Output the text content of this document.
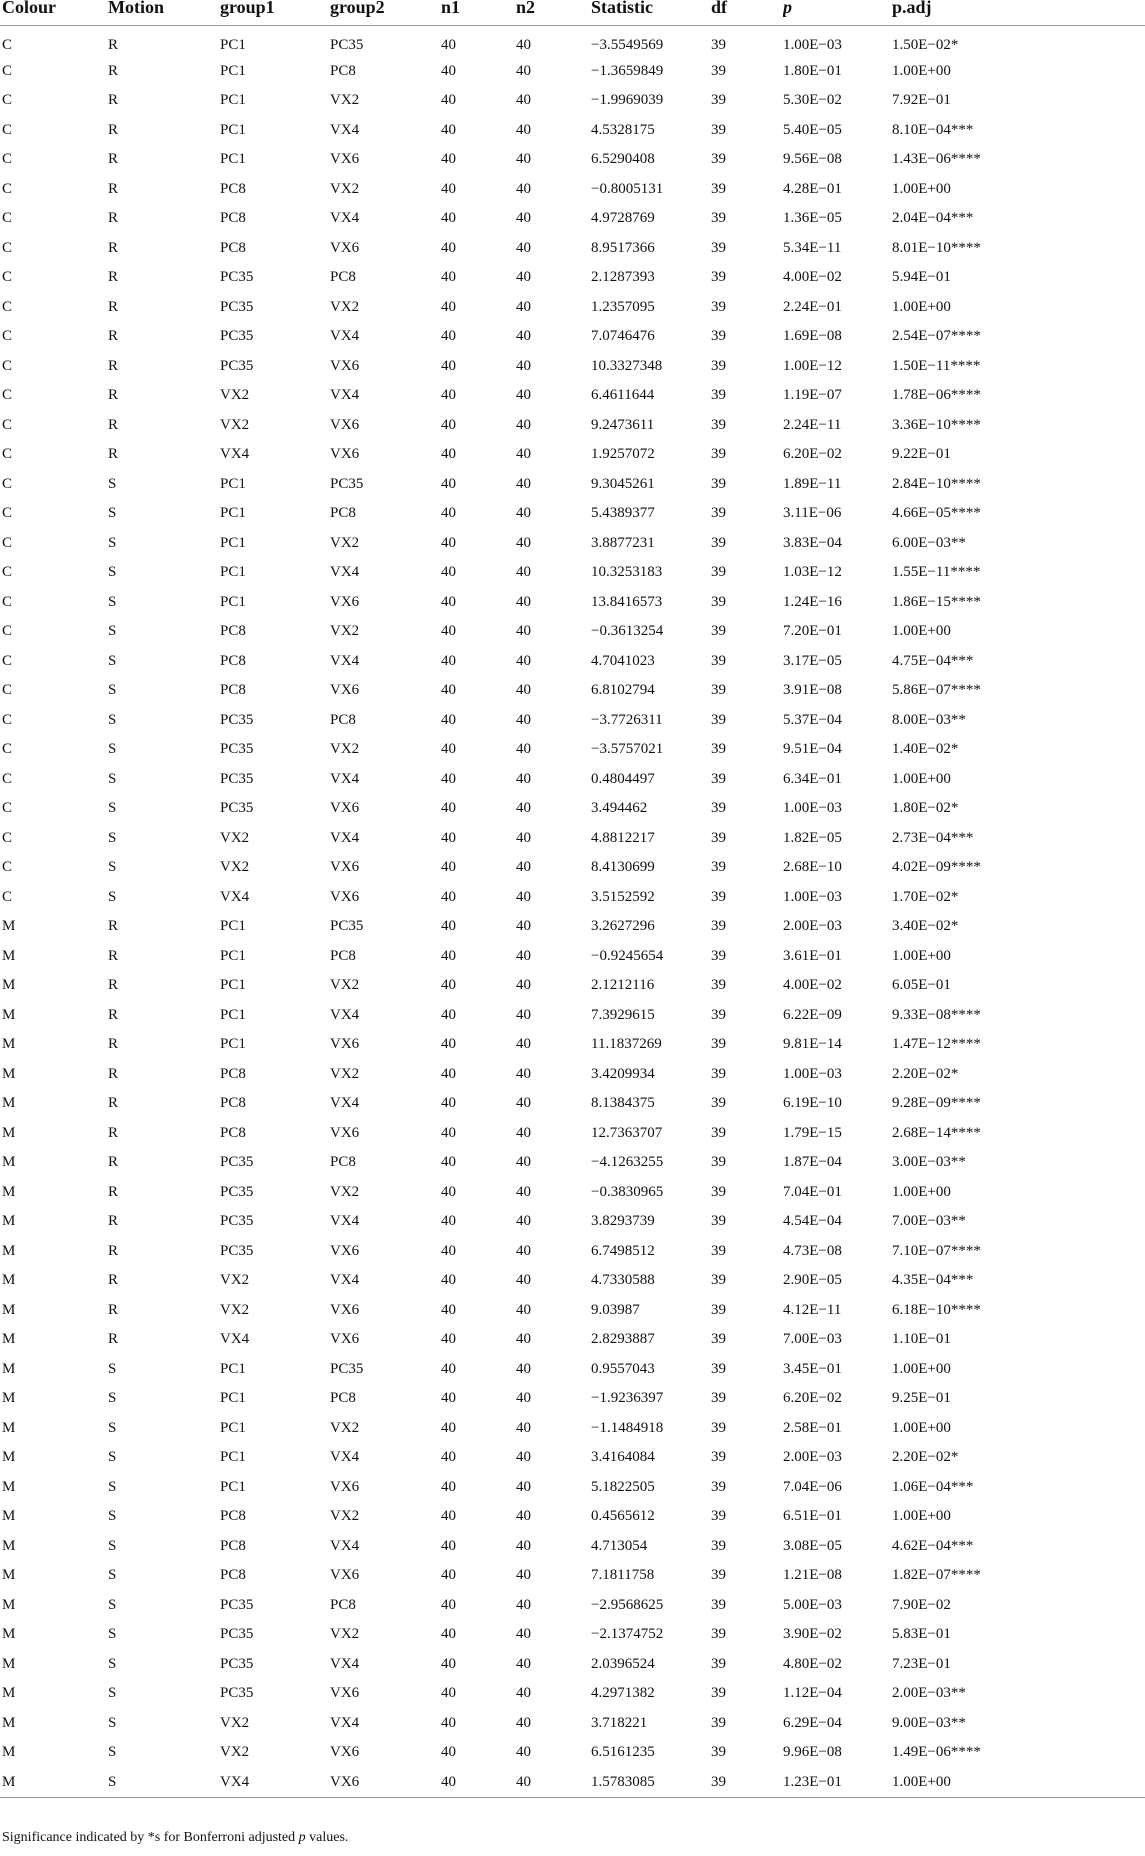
Colour	Motion	group1	group2	n1	n2	Statistic	df	p	p.adj
C	R	PC1	PC35	40	40	−3.5549569	39	1.00E−03	1.50E−02*
C	R	PC1	PC8	40	40	−1.3659849	39	1.80E−01	1.00E+00
C	R	PC1	VX2	40	40	−1.9969039	39	5.30E−02	7.92E−01
C	R	PC1	VX4	40	40	4.5328175	39	5.40E−05	8.10E−04***
C	R	PC1	VX6	40	40	6.5290408	39	9.56E−08	1.43E−06****
C	R	PC8	VX2	40	40	−0.8005131	39	4.28E−01	1.00E+00
C	R	PC8	VX4	40	40	4.9728769	39	1.36E−05	2.04E−04***
C	R	PC8	VX6	40	40	8.9517366	39	5.34E−11	8.01E−10****
C	R	PC35	PC8	40	40	2.1287393	39	4.00E−02	5.94E−01
C	R	PC35	VX2	40	40	1.2357095	39	2.24E−01	1.00E+00
C	R	PC35	VX4	40	40	7.0746476	39	1.69E−08	2.54E−07****
C	R	PC35	VX6	40	40	10.3327348	39	1.00E−12	1.50E−11****
C	R	VX2	VX4	40	40	6.4611644	39	1.19E−07	1.78E−06****
C	R	VX2	VX6	40	40	9.2473611	39	2.24E−11	3.36E−10****
C	R	VX4	VX6	40	40	1.9257072	39	6.20E−02	9.22E−01
C	S	PC1	PC35	40	40	9.3045261	39	1.89E−11	2.84E−10****
C	S	PC1	PC8	40	40	5.4389377	39	3.11E−06	4.66E−05****
C	S	PC1	VX2	40	40	3.8877231	39	3.83E−04	6.00E−03**
C	S	PC1	VX4	40	40	10.3253183	39	1.03E−12	1.55E−11****
C	S	PC1	VX6	40	40	13.8416573	39	1.24E−16	1.86E−15****
C	S	PC8	VX2	40	40	−0.3613254	39	7.20E−01	1.00E+00
C	S	PC8	VX4	40	40	4.7041023	39	3.17E−05	4.75E−04***
C	S	PC8	VX6	40	40	6.8102794	39	3.91E−08	5.86E−07****
C	S	PC35	PC8	40	40	−3.7726311	39	5.37E−04	8.00E−03**
C	S	PC35	VX2	40	40	−3.5757021	39	9.51E−04	1.40E−02*
C	S	PC35	VX4	40	40	0.4804497	39	6.34E−01	1.00E+00
C	S	PC35	VX6	40	40	3.494462	39	1.00E−03	1.80E−02*
C	S	VX2	VX4	40	40	4.8812217	39	1.82E−05	2.73E−04***
C	S	VX2	VX6	40	40	8.4130699	39	2.68E−10	4.02E−09****
C	S	VX4	VX6	40	40	3.5152592	39	1.00E−03	1.70E−02*
M	R	PC1	PC35	40	40	3.2627296	39	2.00E−03	3.40E−02*
M	R	PC1	PC8	40	40	−0.9245654	39	3.61E−01	1.00E+00
M	R	PC1	VX2	40	40	2.1212116	39	4.00E−02	6.05E−01
M	R	PC1	VX4	40	40	7.3929615	39	6.22E−09	9.33E−08****
M	R	PC1	VX6	40	40	11.1837269	39	9.81E−14	1.47E−12****
M	R	PC8	VX2	40	40	3.4209934	39	1.00E−03	2.20E−02*
M	R	PC8	VX4	40	40	8.1384375	39	6.19E−10	9.28E−09****
M	R	PC8	VX6	40	40	12.7363707	39	1.79E−15	2.68E−14****
M	R	PC35	PC8	40	40	−4.1263255	39	1.87E−04	3.00E−03**
M	R	PC35	VX2	40	40	−0.3830965	39	7.04E−01	1.00E+00
M	R	PC35	VX4	40	40	3.8293739	39	4.54E−04	7.00E−03**
M	R	PC35	VX6	40	40	6.7498512	39	4.73E−08	7.10E−07****
M	R	VX2	VX4	40	40	4.7330588	39	2.90E−05	4.35E−04***
M	R	VX2	VX6	40	40	9.03987	39	4.12E−11	6.18E−10****
M	R	VX4	VX6	40	40	2.8293887	39	7.00E−03	1.10E−01
M	S	PC1	PC35	40	40	0.9557043	39	3.45E−01	1.00E+00
M	S	PC1	PC8	40	40	−1.9236397	39	6.20E−02	9.25E−01
M	S	PC1	VX2	40	40	−1.1484918	39	2.58E−01	1.00E+00
M	S	PC1	VX4	40	40	3.4164084	39	2.00E−03	2.20E−02*
M	S	PC1	VX6	40	40	5.1822505	39	7.04E−06	1.06E−04***
M	S	PC8	VX2	40	40	0.4565612	39	6.51E−01	1.00E+00
M	S	PC8	VX4	40	40	4.713054	39	3.08E−05	4.62E−04***
M	S	PC8	VX6	40	40	7.1811758	39	1.21E−08	1.82E−07****
M	S	PC35	PC8	40	40	−2.9568625	39	5.00E−03	7.90E−02
M	S	PC35	VX2	40	40	−2.1374752	39	3.90E−02	5.83E−01
M	S	PC35	VX4	40	40	2.0396524	39	4.80E−02	7.23E−01
M	S	PC35	VX6	40	40	4.2971382	39	1.12E−04	2.00E−03**
M	S	VX2	VX4	40	40	3.718221	39	6.29E−04	9.00E−03**
M	S	VX2	VX6	40	40	6.5161235	39	9.96E−08	1.49E−06****
M	S	VX4	VX6	40	40	1.5783085	39	1.23E−01	1.00E+00
Significance indicated by *s for Bonferroni adjusted p values.
